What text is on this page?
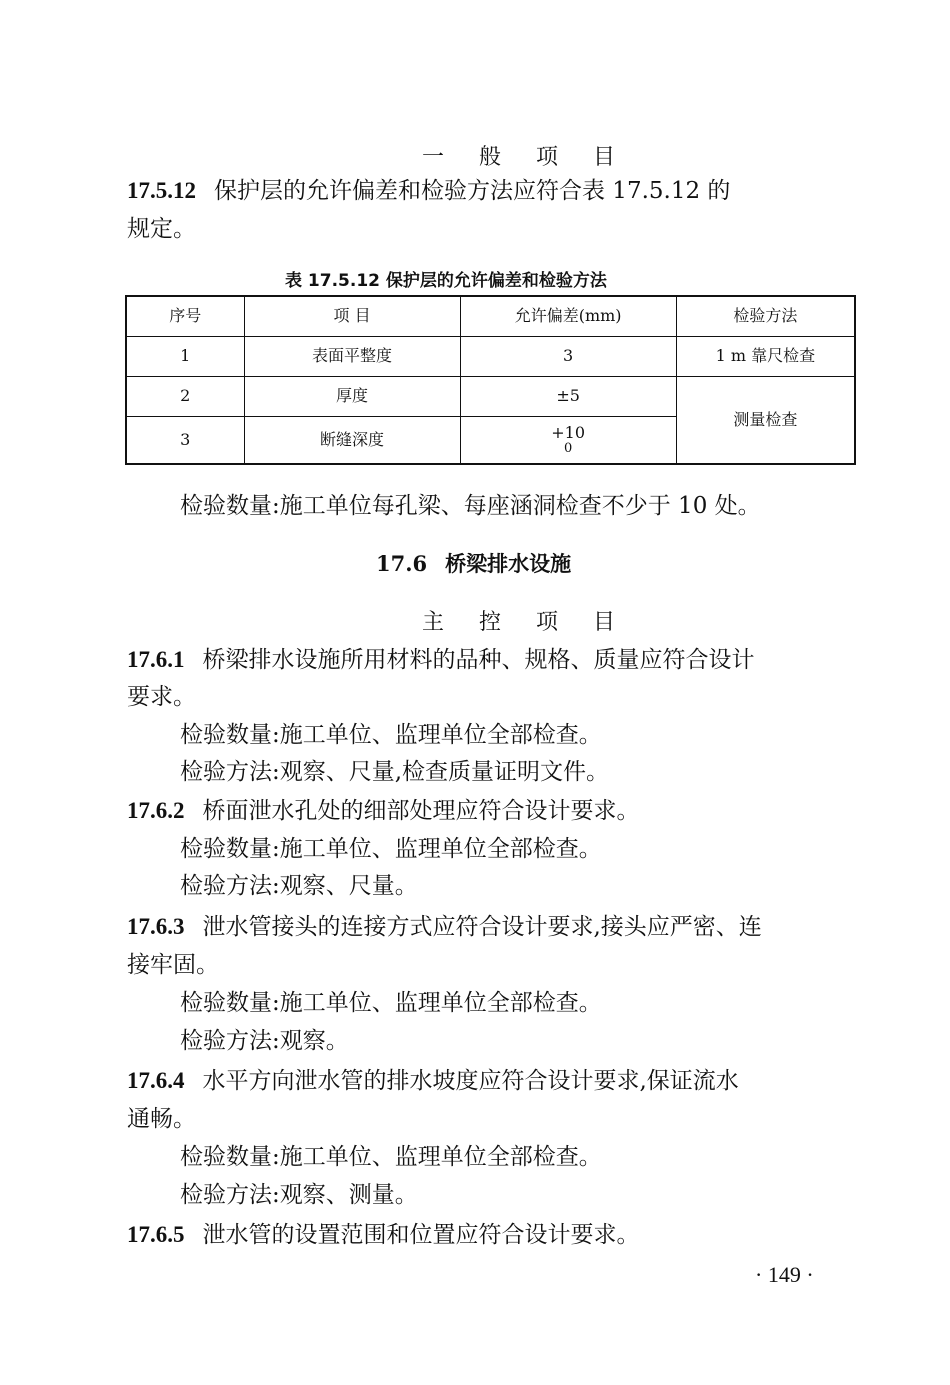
一 般 项 目
17.5.12 保护层的允许偏差和检验方法应符合表 17.5.12 的
规定。
表 17.5.12 保护层的允许偏差和检验方法
序号	项 目	允许偏差(mm)	检验方法
1	表面平整度	3	1 m 靠尺检查
2	厚度	±5	测量检查
3	断缝深度	+10
0	
检验数量:施工单位每孔梁、每座涵洞检查不少于 10 处。
17.6 桥梁排水设施
主 控 项 目
17.6.1 桥梁排水设施所用材料的品种、规格、质量应符合设计
要求。
检验数量:施工单位、监理单位全部检查。
检验方法:观察、尺量,检查质量证明文件。
17.6.2 桥面泄水孔处的细部处理应符合设计要求。
检验数量:施工单位、监理单位全部检查。
检验方法:观察、尺量。
17.6.3 泄水管接头的连接方式应符合设计要求,接头应严密、连
接牢固。
检验数量:施工单位、监理单位全部检查。
检验方法:观察。
17.6.4 水平方向泄水管的排水坡度应符合设计要求,保证流水
通畅。
检验数量:施工单位、监理单位全部检查。
检验方法:观察、测量。
17.6.5 泄水管的设置范围和位置应符合设计要求。
· 149 ·
